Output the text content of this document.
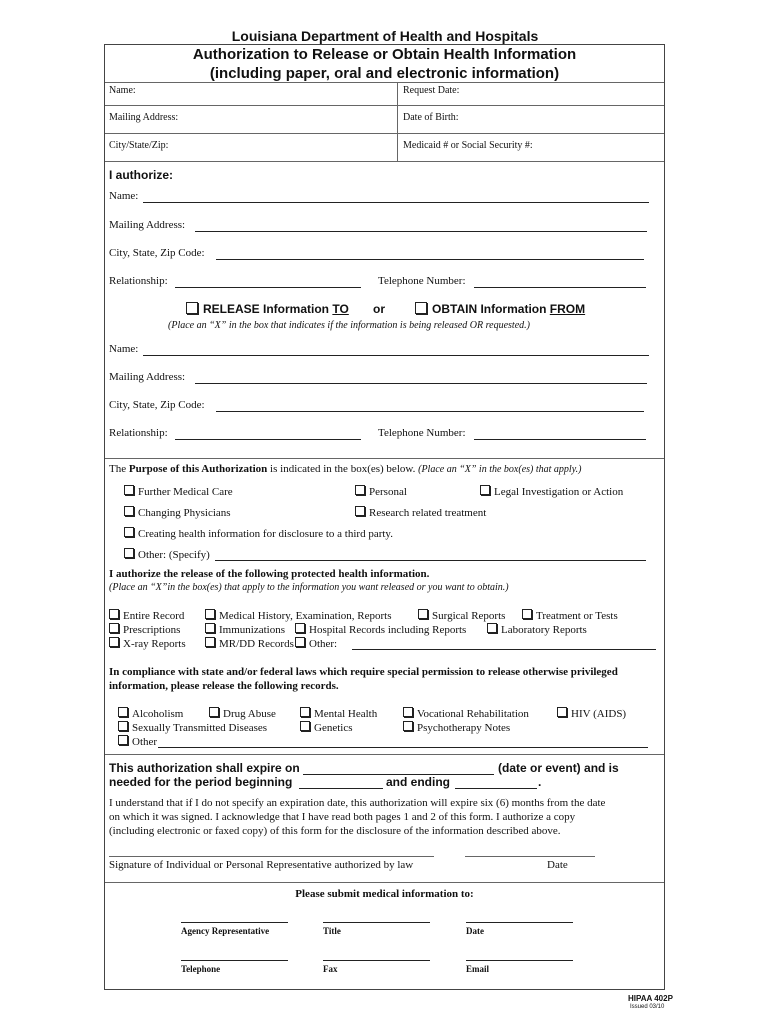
Louisiana Department of Health and Hospitals
Authorization to Release or Obtain Health Information
(including paper, oral and electronic information)
Name:	Request Date:
Mailing Address:	Date of Birth:
City/State/Zip:	Medicaid # or Social Security #:
I authorize:
Name:
Mailing Address:
City, State, Zip Code:
Relationship:	Telephone Number:
RELEASE Information TO or	OBTAIN Information FROM
(Place an “X” in the box that indicates if the information is being released OR requested.)
Name:
Mailing Address:
City, State, Zip Code:
Relationship:	Telephone Number:
The Purpose of this Authorization is indicated in the box(es) below. (Place an “X” in the box(es) that apply.)
Further Medical Care	Personal	Legal Investigation or Action
Changing Physicians	Research related treatment
Creating health information for disclosure to a third party.
Other: (Specify)
I authorize the release of the following protected health information.
(Place an “X”in the box(es) that apply to the information you want released or you want to obtain.)
Entire Record	Medical History, Examination, Reports	Surgical Reports	Treatment or Tests
Prescriptions	Immunizations	Hospital Records including Reports	Laboratory Reports
X-ray Reports	MR/DD Records	Other:
In compliance with state and/or federal laws which require special permission to release otherwise privileged
information, please release the following records.
Alcoholism	Drug Abuse	Mental Health	Vocational Rehabilitation	HIV (AIDS)
Sexually Transmitted Diseases	Genetics	Psychotherapy Notes
Other
This authorization shall expire on	(date or event) and is
needed for the period beginning	and ending	.
I understand that if I do not specify an expiration date, this authorization will expire six (6) months from the date
on which it was signed. I acknowledge that I have read both pages 1 and 2 of this form. I authorize a copy
(including electronic or faxed copy) of this form for the disclosure of the information described above.
Signature of Individual or Personal Representative authorized by law	Date
Please submit medical information to:
Agency Representative	Title	Date
Telephone	Fax	Email
HIPAA 402P
Issued 03/10
